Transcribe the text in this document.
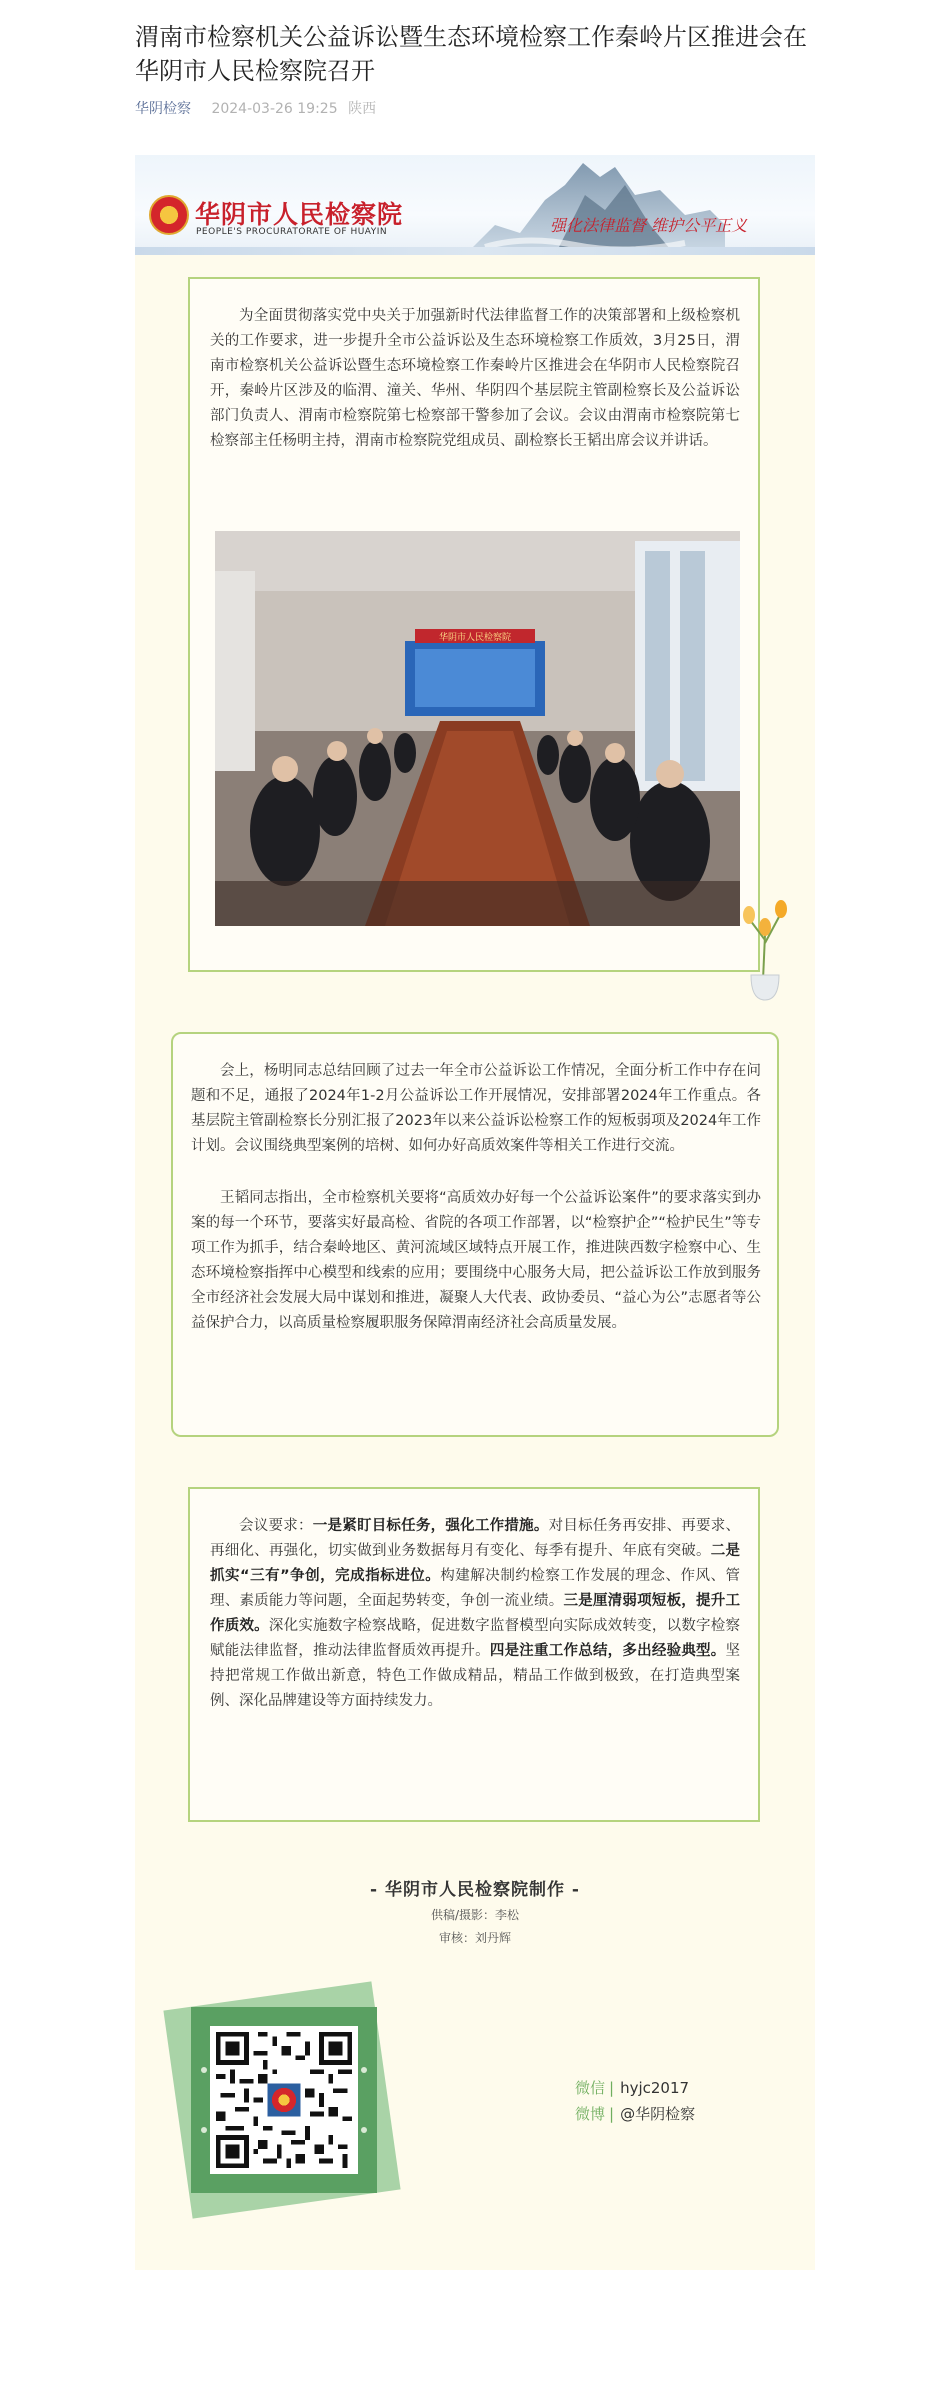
渭南市检察机关公益诉讼暨生态环境检察工作秦岭片区推进会在华阴市人民检察院召开
华阴检察 2024-03-26 19:25 陕西
华阴市人民检察院
PEOPLE'S PROCURATORATE OF HUAYIN	强化法律监督 维护公平正义

为全面贯彻落实党中央关于加强新时代法律监督工作的决策部署和上级检察机关的工作要求，进一步提升全市公益诉讼及生态环境检察工作质效，3月25日，渭南市检察机关公益诉讼暨生态环境检察工作秦岭片区推进会在华阴市人民检察院召开，秦岭片区涉及的临渭、潼关、华州、华阴四个基层院主管副检察长及公益诉讼部门负责人、渭南市检察院第七检察部干警参加了会议。会议由渭南市检察院第七检察部主任杨明主持，渭南市检察院党组成员、副检察长王韬出席会议并讲话。

华阴市人民检察院

会上，杨明同志总结回顾了过去一年全市公益诉讼工作情况，全面分析工作中存在问题和不足，通报了2024年1-2月公益诉讼工作开展情况，安排部署2024年工作重点。各基层院主管副检察长分别汇报了2023年以来公益诉讼检察工作的短板弱项及2024年工作计划。会议围绕典型案例的培树、如何办好高质效案件等相关工作进行交流。

王韬同志指出，全市检察机关要将“高质效办好每一个公益诉讼案件”的要求落实到办案的每一个环节，要落实好最高检、省院的各项工作部署，以“检察护企”“检护民生”等专项工作为抓手，结合秦岭地区、黄河流域区域特点开展工作，推进陕西数字检察中心、生态环境检察指挥中心模型和线索的应用；要围绕中心服务大局，把公益诉讼工作放到服务全市经济社会发展大局中谋划和推进，凝聚人大代表、政协委员、“益心为公”志愿者等公益保护合力，以高质量检察履职服务保障渭南经济社会高质量发展。

会议要求：一是紧盯目标任务，强化工作措施。对目标任务再安排、再要求、再细化、再强化，切实做到业务数据每月有变化、每季有提升、年底有突破。二是抓实“三有”争创，完成指标进位。构建解决制约检察工作发展的理念、作风、管理、素质能力等问题，全面起势转变，争创一流业绩。三是厘清弱项短板，提升工作质效。深化实施数字检察战略，促进数字监督模型向实际成效转变，以数字检察赋能法律监督，推动法律监督质效再提升。四是注重工作总结，多出经验典型。坚持把常规工作做出新意，特色工作做成精品，精品工作做到极致，在打造典型案例、深化品牌建设等方面持续发力。

- 华阴市人民检察院制作 -
供稿/摄影：李松
审核：刘丹辉
微信 | hyjc2017
微博 | @华阴检察
